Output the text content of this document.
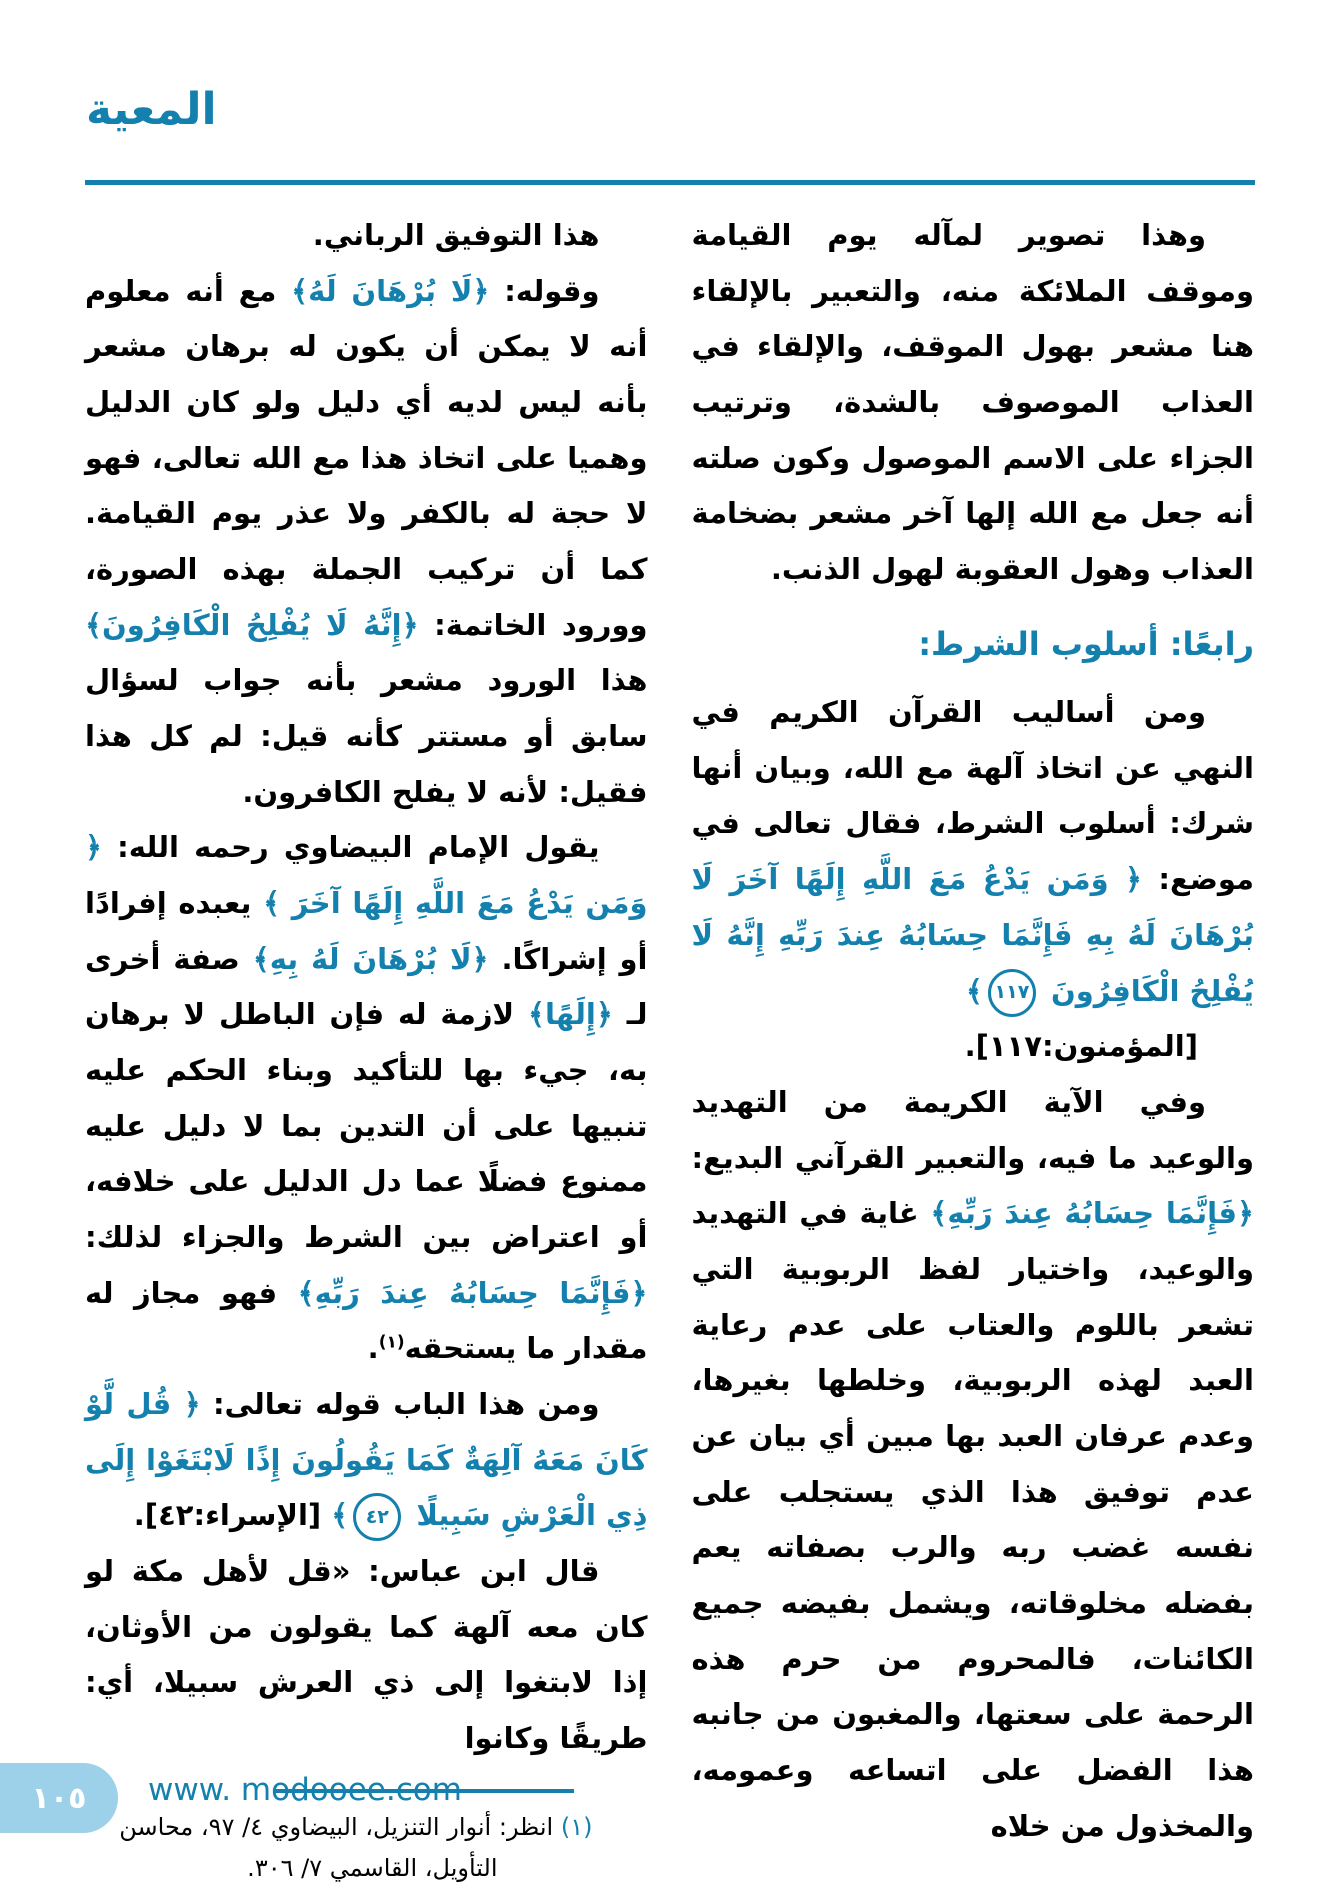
المعية

وهذا تصوير لمآله يوم القيامة وموقف الملائكة منه، والتعبير بالإلقاء هنا مشعر بهول الموقف، والإلقاء في العذاب الموصوف بالشدة، وترتيب الجزاء على الاسم الموصول وكون صلته أنه جعل مع الله إلها آخر مشعر بضخامة العذاب وهول العقوبة لهول الذنب.

رابعًا: أسلوب الشرط:

ومن أساليب القرآن الكريم في النهي عن اتخاذ آلهة مع الله، وبيان أنها شرك: أسلوب الشرط، فقال تعالى في موضع: ﴿ وَمَن يَدْعُ مَعَ اللَّهِ إِلَهًا آخَرَ لَا بُرْهَانَ لَهُ بِهِ فَإِنَّمَا حِسَابُهُ عِندَ رَبِّهِ إِنَّهُ لَا يُفْلِحُ الْكَافِرُونَ ١١٧﴾

[المؤمنون:١١٧].

وفي الآية الكريمة من التهديد والوعيد ما فيه، والتعبير القرآني البديع: ﴿فَإِنَّمَا حِسَابُهُ عِندَ رَبِّهِ﴾ غاية في التهديد والوعيد، واختيار لفظ الربوبية التي تشعر باللوم والعتاب على عدم رعاية العبد لهذه الربوبية، وخلطها بغيرها، وعدم عرفان العبد بها مبين أي بيان عن عدم توفيق هذا الذي يستجلب على نفسه غضب ربه والرب بصفاته يعم بفضله مخلوقاته، ويشمل بفيضه جميع الكائنات، فالمحروم من حرم هذه الرحمة على سعتها، والمغبون من جانبه هذا الفضل على اتساعه وعمومه، والمخذول من خلاه

هذا التوفيق الرباني.

وقوله: ﴿لَا بُرْهَانَ لَهُ﴾ مع أنه معلوم أنه لا يمكن أن يكون له برهان مشعر بأنه ليس لديه أي دليل ولو كان الدليل وهميا على اتخاذ هذا مع الله تعالى، فهو لا حجة له بالكفر ولا عذر يوم القيامة. كما أن تركيب الجملة بهذه الصورة، وورود الخاتمة: ﴿إِنَّهُ لَا يُفْلِحُ الْكَافِرُونَ﴾ هذا الورود مشعر بأنه جواب لسؤال سابق أو مستتر كأنه قيل: لم كل هذا فقيل: لأنه لا يفلح الكافرون.

يقول الإمام البيضاوي رحمه الله: ﴿ وَمَن يَدْعُ مَعَ اللَّهِ إِلَهًا آخَرَ ﴾ يعبده إفرادًا أو إشراكًا. ﴿لَا بُرْهَانَ لَهُ بِهِ﴾ صفة أخرى لـ ﴿إِلَهًا﴾ لازمة له فإن الباطل لا برهان به، جيء بها للتأكيد وبناء الحكم عليه تنبيها على أن التدين بما لا دليل عليه ممنوع فضلًا عما دل الدليل على خلافه، أو اعتراض بين الشرط والجزاء لذلك: ﴿فَإِنَّمَا حِسَابُهُ عِندَ رَبِّهِ﴾ فهو مجاز له مقدار ما يستحقه$^{(١)}$.

ومن هذا الباب قوله تعالى: ﴿ قُل لَّوْ كَانَ مَعَهُ آلِهَةٌ كَمَا يَقُولُونَ إِذًا لَابْتَغَوْا إِلَى ذِي الْعَرْشِ سَبِيلًا ٤٢﴾ [الإسراء:٤٢].

قال ابن عباس: «قل لأهل مكة لو كان معه آلهة كما يقولون من الأوثان، إذا لابتغوا إلى ذي العرش سبيلا، أي: طريقًا وكانوا

(١) انظر: أنوار التنزيل، البيضاوي ٤/ ٩٧، محاسن التأويل، القاسمي ٧/ ٣٠٦.

١٠٥ www. modooee.com
